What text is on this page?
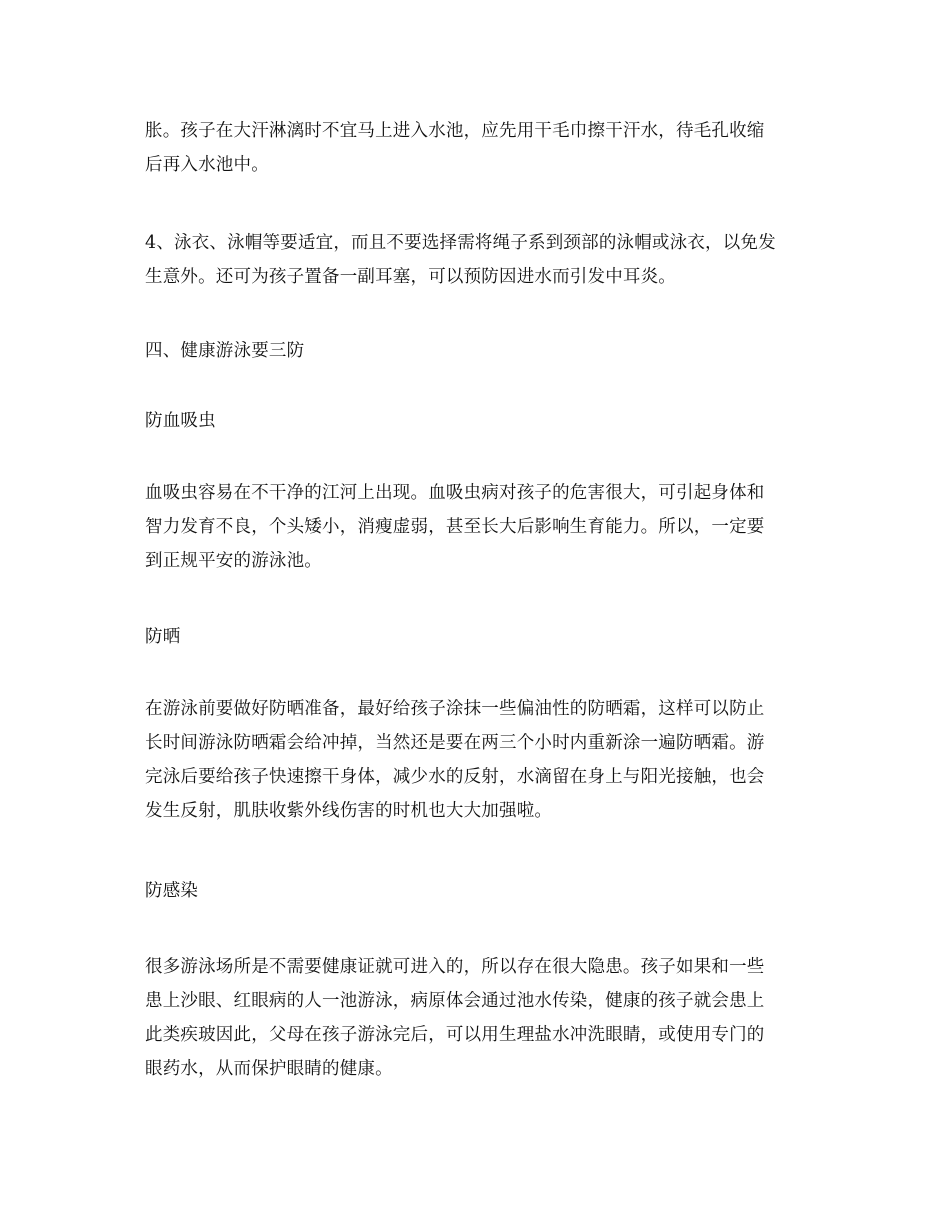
胀。孩子在大汗淋漓时不宜马上进入水池，应先用干毛巾擦干汗水，待毛孔收缩
后再入水池中。

4、泳衣、泳帽等要适宜，而且不要选择需将绳子系到颈部的泳帽或泳衣，以免发
生意外。还可为孩子置备一副耳塞，可以预防因进水而引发中耳炎。

四、健康游泳要三防

防血吸虫

血吸虫容易在不干净的江河上出现。血吸虫病对孩子的危害很大，可引起身体和
智力发育不良，个头矮小，消瘦虚弱，甚至长大后影响生育能力。所以，一定要
到正规平安的游泳池。

防晒

在游泳前要做好防晒准备，最好给孩子涂抹一些偏油性的防晒霜，这样可以防止
长时间游泳防晒霜会给冲掉，当然还是要在两三个小时内重新涂一遍防晒霜。游
完泳后要给孩子快速擦干身体，减少水的反射，水滴留在身上与阳光接触，也会
发生反射，肌肤收紫外线伤害的时机也大大加强啦。

防感染

很多游泳场所是不需要健康证就可进入的，所以存在很大隐患。孩子如果和一些
患上沙眼、红眼病的人一池游泳，病原体会通过池水传染，健康的孩子就会患上
此类疾玻因此，父母在孩子游泳完后，可以用生理盐水冲洗眼睛，或使用专门的
眼药水，从而保护眼睛的健康。
